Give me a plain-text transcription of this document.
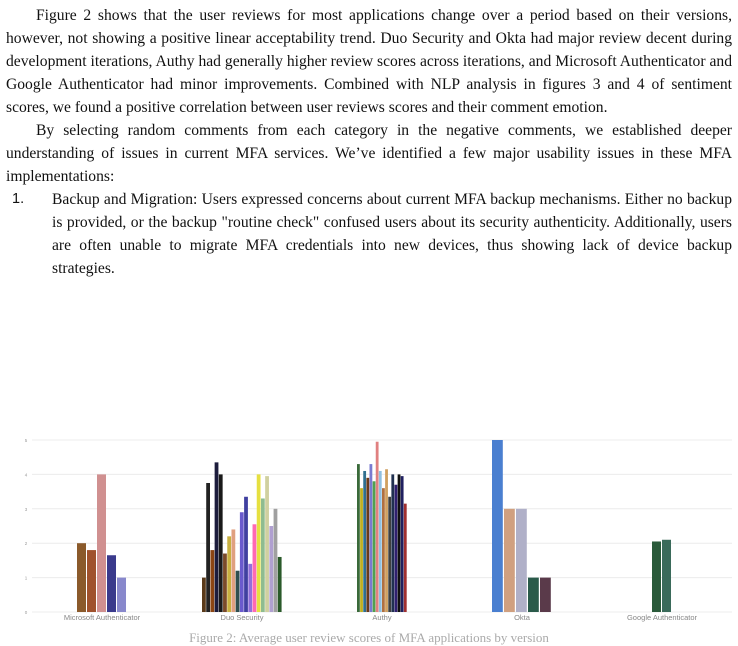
Figure 2 shows that the user reviews for most applications change over a period based on their versions, however, not showing a positive linear acceptability trend. Duo Security and Okta had major review decent during development iterations, Authy had generally higher review scores across iterations, and Microsoft Authenticator and Google Authenticator had minor improvements. Combined with NLP analysis in figures 3 and 4 of sentiment scores, we found a positive correlation between user reviews scores and their comment emotion.

By selecting random comments from each category in the negative comments, we established deeper understanding of issues in current MFA services. We’ve identified a few major usability issues in these MFA implementations:

1.	Backup and Migration: Users expressed concerns about current MFA backup mechanisms. Either no backup is provided, or the backup "routine check" confused users about its security authenticity. Additionally, users are often unable to migrate MFA credentials into new devices, thus showing lack of device backup strategies.
0
1
2
3
4
5
Microsoft Authenticator	Duo Security	Authy	Okta	Google Authenticator
Figure 2: Average user review scores of MFA applications by version
